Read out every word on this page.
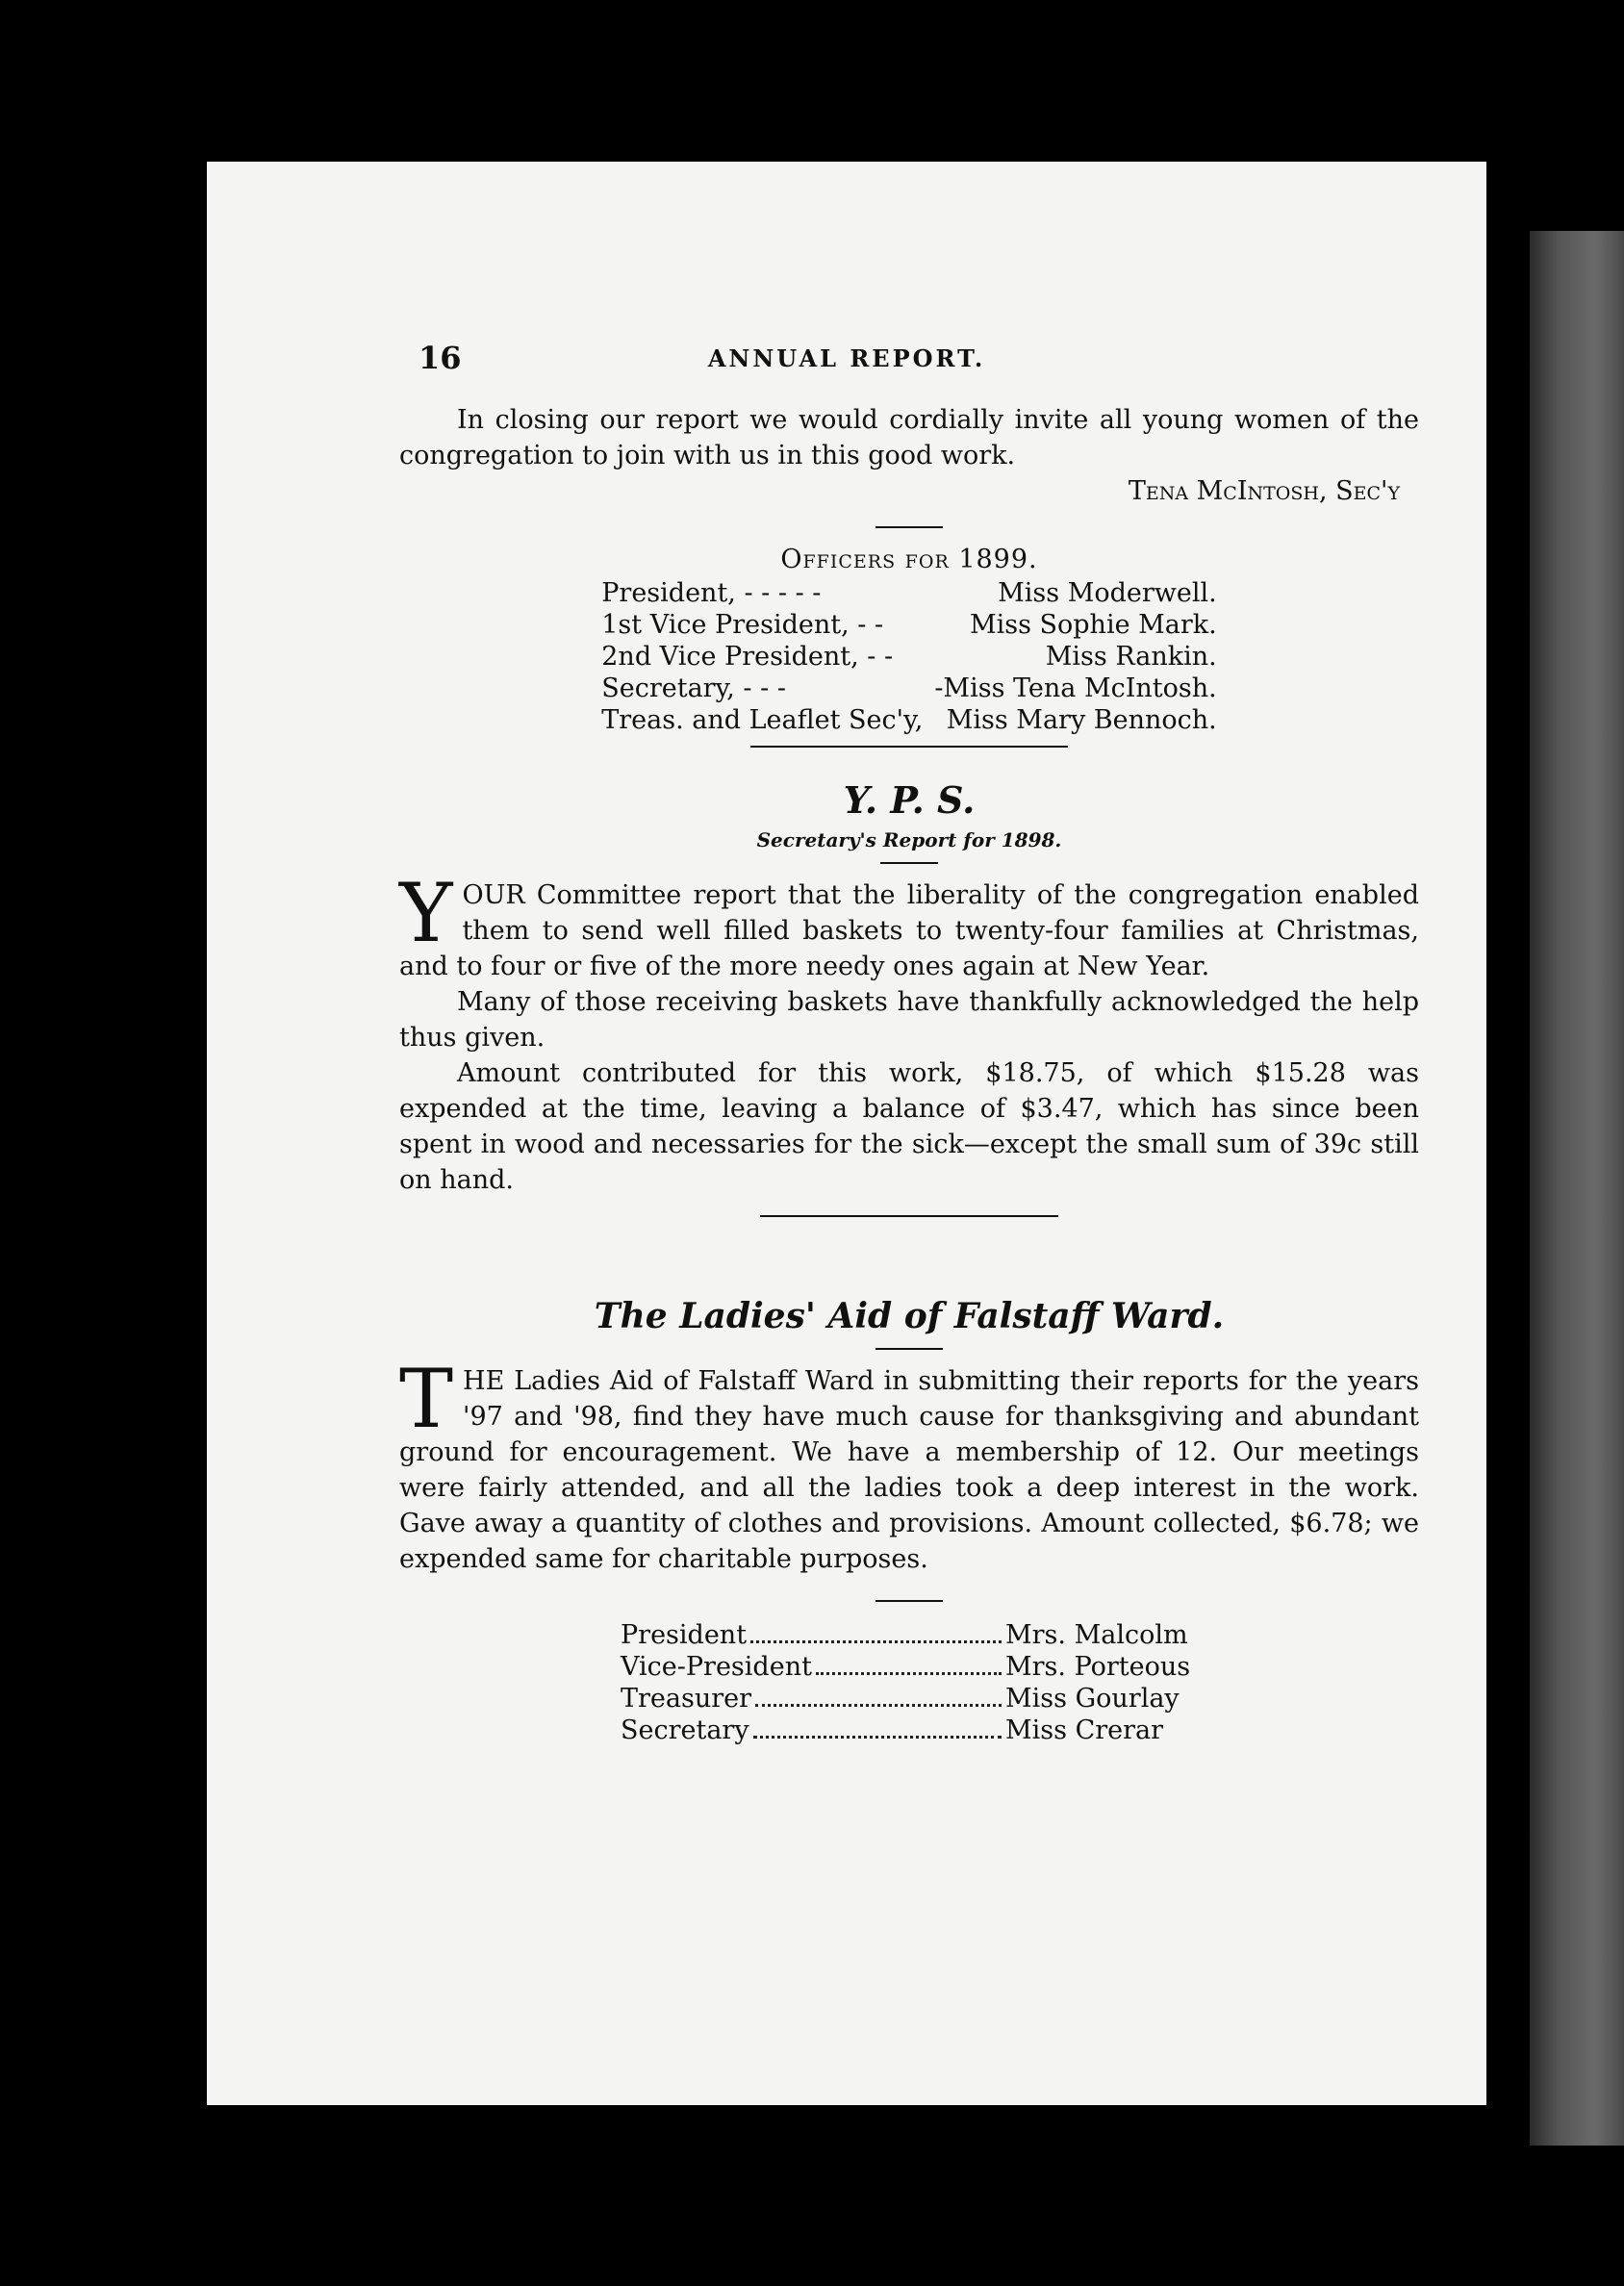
16	ANNUAL REPORT.

In closing our report we would cordially invite all young women of the congregation to join with us in this good work.

Tena McIntosh, Sec'y
Officers for 1899.
President, - - - - -	Miss Moderwell.
1st Vice President, - -	Miss Sophie Mark.
2nd Vice President, - -	Miss Rankin.
Secretary, - - -	-Miss Tena McIntosh.
Treas. and Leaflet Sec'y,	Miss Mary Bennoch.
Y. P. S.
Secretary's Report for 1898.

YOUR Committee report that the liberality of the congregation enabled them to send well filled baskets to twenty-four families at Christmas, and to four or five of the more needy ones again at New Year.

Many of those receiving baskets have thankfully acknowledged the help thus given.

Amount contributed for this work, $18.75, of which $15.28 was expended at the time, leaving a balance of $3.47, which has since been spent in wood and necessaries for the sick—except the small sum of 39c still on hand.

The Ladies' Aid of Falstaff Ward.

THE Ladies Aid of Falstaff Ward in submitting their reports for the years '97 and '98, find they have much cause for thanksgiving and abundant ground for encouragement. We have a membership of 12. Our meetings were fairly attended, and all the ladies took a deep interest in the work. Gave away a quantity of clothes and provisions. Amount collected, $6.78; we expended same for charitable purposes.

President	Mrs. Malcolm
Vice-President	Mrs. Porteous
Treasurer	Miss Gourlay
Secretary	Miss Crerar
